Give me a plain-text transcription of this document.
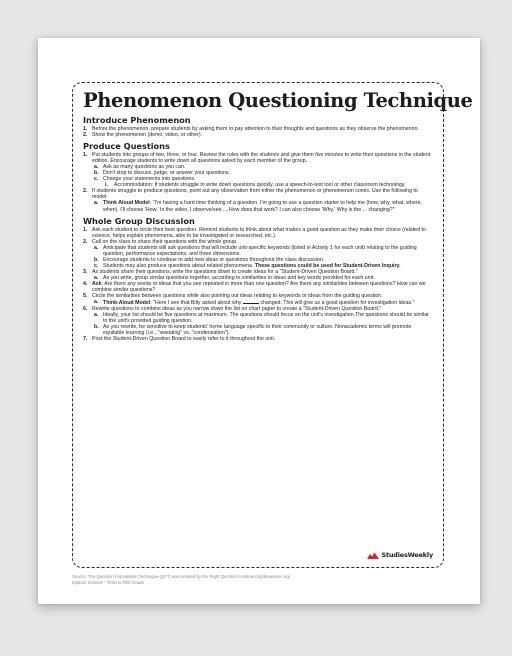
Phenomenon Questioning Technique
Introduce Phenomenon
1. Before the phenomenon, prepare students by asking them to pay attention to their thoughts and questions as they observe the phenomenon.
2. Show the phenomenon (demo, video, or other).
Produce Questions
1. Put students into groups of two, three, or four. Review the rules with the students and give them five minutes to write their questions in the student edition. Encourage students to write down all questions asked by each member of the group.
a. Ask as many questions as you can.
b. Don't stop to discuss, judge, or answer your questions.
c. Change your statements into questions.
i. Accommodation: If students struggle to write down questions quickly, use a speech-to-text tool or other classroom technology.
2. If students struggle to produce questions, point out any observation from either the phenomenon or phenomenon comic. Use the following to model:
a. Think Aloud Model: "I'm having a hard time thinking of a question. I'm going to use a question starter to help me (how, why, what, where, when). I'll choose 'How.' In the video, I observe/see ... How does that work? I can also choose 'Why.' Why is the ... changing?"
Whole Group Discussion
1. Ask each student to circle their best question. Remind students to think about what makes a good question as they make their choice (related to science, helps explain phenomena, able to be investigated or researched, etc.).
2. Call on the class to share their questions with the whole group.
a. Anticipate that students will ask questions that will include unit-specific keywords (listed in Activity 1 for each unit) relating to the guiding question, performance expectations, and three dimensions.
b. Encourage students to continue to add new ideas or questions throughout the class discussion.
c. Students may also produce questions about related phenomena. These questions could be used for Student-Driven Inquiry.
3. As students share their questions, write the questions down to create ideas for a "Student-Driven Question Board."
a. As you write, group similar questions together, according to similarities in ideas and key words provided for each unit.
4. Ask: Are there any words or ideas that you see repeated in more than one question? Are there any similarities between questions? How can we combine similar questions?
5. Circle the similarities between questions while also pointing out ideas relating to keywords or ideas from the guiding question.
a. Think-Aloud Model: "Here I see that Billy asked about why	changed. This will give us a good question for investigation ideas."
6. Rewrite questions to combine ideas as you narrow down the list on chart paper to create a "Student-Driven Question Board."
a. Ideally, your list should be five questions at maximum. The questions should focus on the unit's investigation.The questions should be similar to the unit's provided guiding question.
b. As you rewrite, be sensitive to keep students' home language specific to their community or culture. Nonacademic terms will promote equitable learning (i.e., "sweating" vs. "condensation").
7. Post the Student-Driven Question Board to easily refer to it throughout the unit.
StudiesWeekly
Source: The Question Formulation Technique (QFT) was created by the Right Question Institute (rightquestion.org)
Explore Science - Third to Fifth Grade
